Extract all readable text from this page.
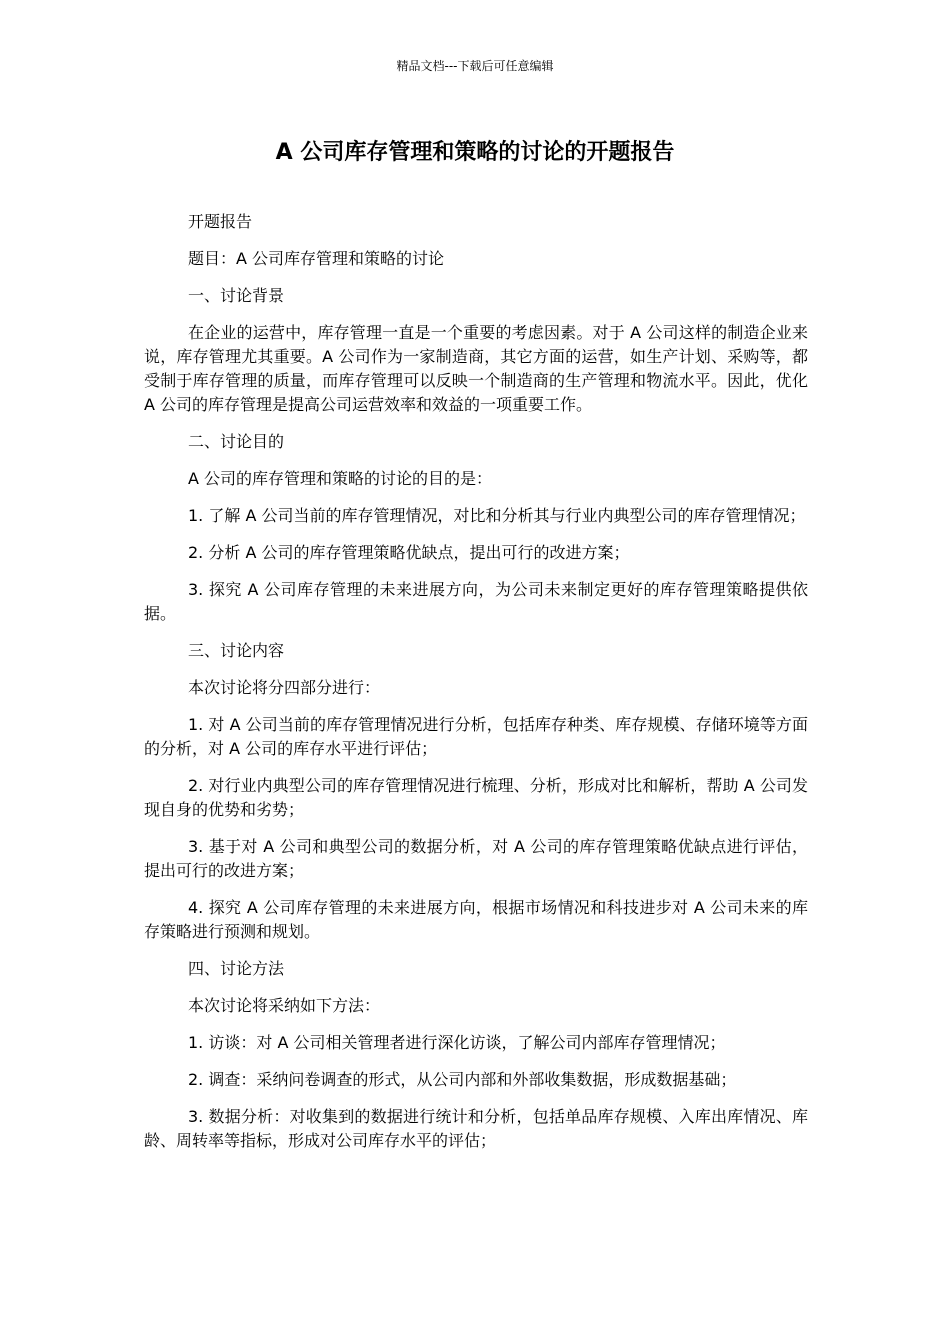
精品文档---下载后可任意编辑
A 公司库存管理和策略的讨论的开题报告

开题报告

题目：A 公司库存管理和策略的讨论

一、讨论背景

在企业的运营中，库存管理一直是一个重要的考虑因素。对于 A 公司这样的制造企业来说，库存管理尤其重要。A 公司作为一家制造商，其它方面的运营，如生产计划、采购等，都受制于库存管理的质量，而库存管理可以反映一个制造商的生产管理和物流水平。因此，优化 A 公司的库存管理是提高公司运营效率和效益的一项重要工作。

二、讨论目的

A 公司的库存管理和策略的讨论的目的是：

1. 了解 A 公司当前的库存管理情况，对比和分析其与行业内典型公司的库存管理情况；

2. 分析 A 公司的库存管理策略优缺点，提出可行的改进方案；

3. 探究 A 公司库存管理的未来进展方向，为公司未来制定更好的库存管理策略提供依据。

三、讨论内容

本次讨论将分四部分进行：

1. 对 A 公司当前的库存管理情况进行分析，包括库存种类、库存规模、存储环境等方面的分析，对 A 公司的库存水平进行评估；

2. 对行业内典型公司的库存管理情况进行梳理、分析，形成对比和解析，帮助 A 公司发现自身的优势和劣势；

3. 基于对 A 公司和典型公司的数据分析，对 A 公司的库存管理策略优缺点进行评估，提出可行的改进方案；

4. 探究 A 公司库存管理的未来进展方向，根据市场情况和科技进步对 A 公司未来的库存策略进行预测和规划。

四、讨论方法

本次讨论将采纳如下方法：

1. 访谈：对 A 公司相关管理者进行深化访谈，了解公司内部库存管理情况；

2. 调查：采纳问卷调查的形式，从公司内部和外部收集数据，形成数据基础；

3. 数据分析：对收集到的数据进行统计和分析，包括单品库存规模、入库出库情况、库龄、周转率等指标，形成对公司库存水平的评估；
